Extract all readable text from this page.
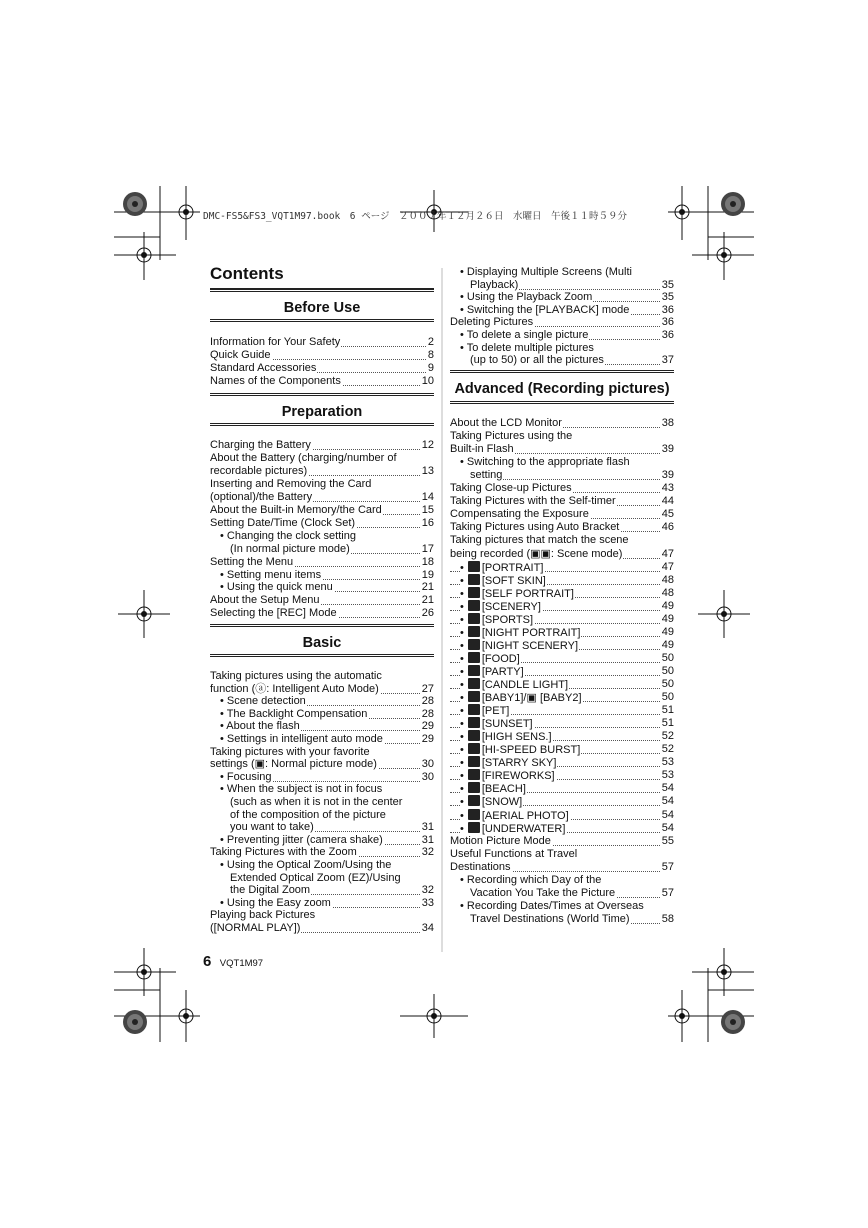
DMC-FS5&FS3_VQT1M97.book　6 ページ　２００７年１２月２６日　水曜日　午後１１時５９分
Contents
Before Use
Information for Your Safety	2
Quick Guide	8
Standard Accessories	9
Names of the Components	10
Preparation
Charging the Battery	12
About the Battery (charging/number of
recordable pictures)	13
Inserting and Removing the Card
(optional)/the Battery	14
About the Built-in Memory/the Card	15
Setting Date/Time (Clock Set)	16
• Changing the clock setting
(In normal picture mode)	17
Setting the Menu	18
• Setting menu items	19
• Using the quick menu	21
About the Setup Menu	21
Selecting the [REC] Mode	26
Basic
Taking pictures using the automatic
function (ⓐ: Intelligent Auto Mode)	27
• Scene detection	28
• The Backlight Compensation	28
• About the flash	29
• Settings in intelligent auto mode	29
Taking pictures with your favorite
settings (▣: Normal picture mode)	30
• Focusing	30
• When the subject is not in focus
(such as when it is not in the center
of the composition of the picture
you want to take)	31
• Preventing jitter (camera shake)	31
Taking Pictures with the Zoom	32
• Using the Optical Zoom/Using the
Extended Optical Zoom (EZ)/Using
the Digital Zoom	32
• Using the Easy zoom	33
Playing back Pictures
([NORMAL PLAY])	34
• Displaying Multiple Screens (Multi
Playback)	35
• Using the Playback Zoom	35
• Switching the [PLAYBACK] mode	36
Deleting Pictures	36
• To delete a single picture	36
• To delete multiple pictures
(up to 50) or all the pictures	37
Advanced (Recording pictures)
About the LCD Monitor	38
Taking Pictures using the
Built-in Flash	39
• Switching to the appropriate flash
setting	39
Taking Close-up Pictures	43
Taking Pictures with the Self-timer	44
Compensating the Exposure	45
Taking Pictures using Auto Bracket	46
Taking pictures that match the scene
being recorded (▣▣: Scene mode)	47
• [PORTRAIT]	47
• [SOFT SKIN]	48
• [SELF PORTRAIT]	48
• [SCENERY]	49
• [SPORTS]	49
• [NIGHT PORTRAIT]	49
• [NIGHT SCENERY]	49
• [FOOD]	50
• [PARTY]	50
• [CANDLE LIGHT]	50
• [BABY1]/▣ [BABY2]	50
• [PET]	51
• [SUNSET]	51
• [HIGH SENS.]	52
• [HI-SPEED BURST]	52
• [STARRY SKY]	53
• [FIREWORKS]	53
• [BEACH]	54
• [SNOW]	54
• [AERIAL PHOTO]	54
• [UNDERWATER]	54
Motion Picture Mode	55
Useful Functions at Travel
Destinations	57
• Recording which Day of the
Vacation You Take the Picture	57
• Recording Dates/Times at Overseas
Travel Destinations (World Time)	58
6 VQT1M97
